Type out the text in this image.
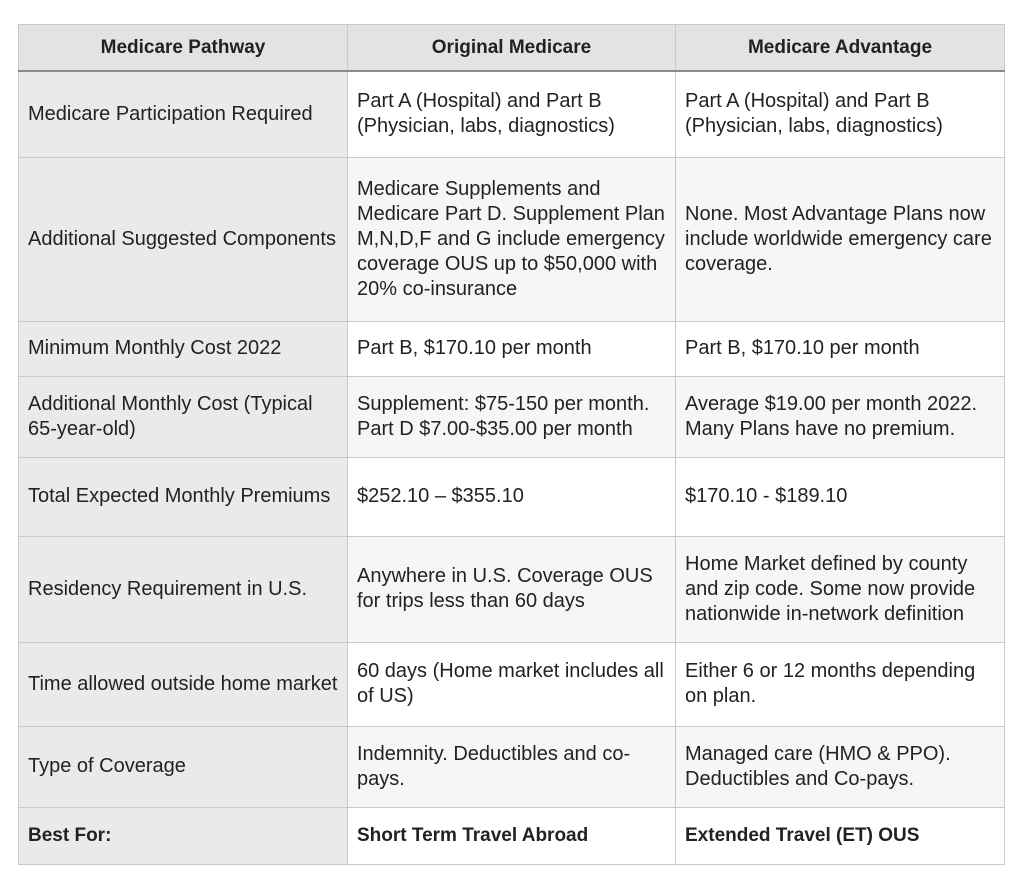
Medicare Pathway	Original Medicare	Medicare Advantage
Medicare Participation Required	Part A (Hospital) and Part B (Physician, labs, diagnostics)	Part A (Hospital) and Part B (Physician, labs, diagnostics)
Additional Suggested Components	Medicare Supplements and Medicare Part D. Supplement Plan M,N,D,F and G include emergency coverage OUS up to $50,000 with 20% co-insurance	None. Most Advantage Plans now include worldwide emergency care coverage.
Minimum Monthly Cost 2022	Part B, $170.10 per month	Part B, $170.10 per month
Additional Monthly Cost (Typical 65-year-old)	Supplement: $75-150 per month. Part D $7.00-$35.00 per month	Average $19.00 per month 2022. Many Plans have no premium.
Total Expected Monthly Premiums	$252.10 – $355.10	$170.10 - $189.10
Residency Requirement in U.S.	Anywhere in U.S. Coverage OUS for trips less than 60 days	Home Market defined by county and zip code. Some now provide nationwide in-network definition
Time allowed outside home market	60 days (Home market includes all of US)	Either 6 or 12 months depending on plan.
Type of Coverage	Indemnity. Deductibles and co-pays.	Managed care (HMO & PPO). Deductibles and Co-pays.
Best For:	Short Term Travel Abroad	Extended Travel (ET) OUS
